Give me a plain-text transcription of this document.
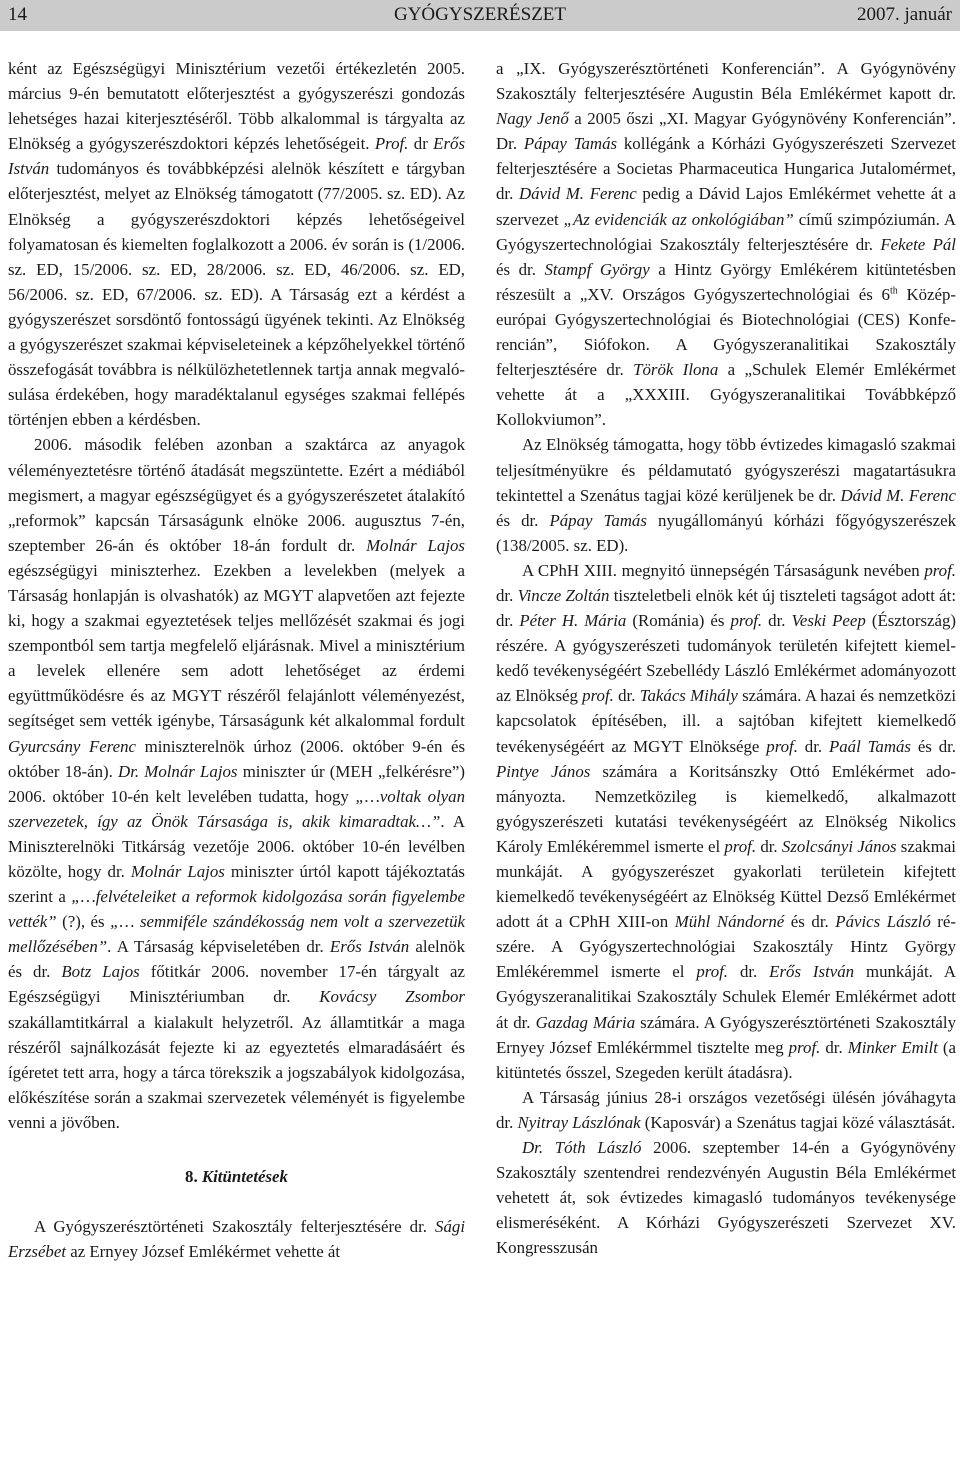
14	GYÓGYSZERÉSZET	2007. január

ként az Egészségügyi Minisztérium vezetői értékezletén 2005. március 9-én bemutatott előterjesztést a gyógyszerészi gondozás lehetséges hazai kiterjesztéséről. Több alkalommal is tárgyalta az Elnökség a gyógyszerészdoktori képzés lehetőségeit. Prof. dr Erős István tudományos és továbbképzési alelnök készített e tárgyban előterjesztést, melyet az Elnökség támogatott (77/2005. sz. ED). Az Elnökség a gyógyszerészdoktori képzés lehetőségeivel folyamatosan és kiemelten foglalkozott a 2006. év során is (1/2006. sz. ED, 15/2006. sz. ED, 28/2006. sz. ED, 46/2006. sz. ED, 56/2006. sz. ED, 67/2006. sz. ED). A Társaság ezt a kérdést a gyógyszerészet sorsdöntő fontosságú ügyének tekinti. Az Elnökség a gyógyszerészet szakmai képviseleteinek a képzőhelyekkel történő összefogását továbbra is nélkülözhetetlennek tartja annak megvalósulása érdekében, hogy maradéktalanul egységes szakmai fellépés történjen ebben a kérdésben.

2006. második felében azonban a szaktárca az anyagok véleményeztetésre történő átadását megszüntette. Ezért a médiából megismert, a magyar egészségügyet és a gyógyszerészetet átalakító „reformok” kapcsán Társaságunk elnöke 2006. augusztus 7-én, szeptember 26-án és október 18-án fordult dr. Molnár Lajos egészségügyi miniszterhez. Ezekben a levelekben (melyek a Társaság honlapján is olvashatók) az MGYT alapvetően azt fejezte ki, hogy a szakmai egyeztetések teljes mellőzését szakmai és jogi szempontból sem tartja megfelelő eljárásnak. Mivel a minisztérium a levelek ellenére sem adott lehetőséget az érdemi együttműködésre és az MGYT részéről felajánlott véleményezést, segítséget sem vették igénybe, Társaságunk két alkalommal fordult Gyurcsány Ferenc miniszterelnök úrhoz (2006. október 9-én és október 18-án). Dr. Molnár Lajos miniszter úr (MEH „felkérésre”) 2006. október 10-én kelt levelében tudatta, hogy „…voltak olyan szervezetek, így az Önök Társasága is, akik kimaradtak…”. A Miniszterelnöki Titkárság vezetője 2006. október 10-én levélben közölte, hogy dr. Molnár Lajos miniszter úrtól kapott tájékoztatás szerint a „…felvételeiket a reformok kidolgozása során figyelembe vették” (?), és „… semmiféle szándékosság nem volt a szervezetük mellőzésében”. A Társaság képviseletében dr. Erős István alelnök és dr. Botz Lajos főtitkár 2006. november 17-én tárgyalt az Egészségügyi Minisztériumban dr. Kovácsy Zsombor szakállamtitkárral a kialakult helyzetről. Az államtitkár a maga részéről sajnálkozását fejezte ki az egyeztetés elmaradásáért és ígéretet tett arra, hogy a tárca törekszik a jogszabályok kidolgozása, előkészítése során a szakmai szervezetek véleményét is figyelembe venni a jövőben.

8. Kitüntetések

A Gyógyszerésztörténeti Szakosztály felterjesztésére dr. Sági Erzsébet az Ernyey József Emlékérmet vehette át

a „IX. Gyógyszerésztörténeti Konferencián”. A Gyógynövény Szakosztály felterjesztésére Augustin Béla Emlékérmet kapott dr. Nagy Jenő a 2005 őszi „XI. Magyar Gyógynövény Konferencián”. Dr. Pápay Tamás kollégánk a Kórházi Gyógyszerészeti Szervezet felterjesztésére a Societas Pharmaceutica Hungarica Jutalomérmet, dr. Dávid M. Ferenc pedig a Dávid Lajos Emlékérmet vehette át a szervezet „Az evidenciák az onkológiában” című szimpóziumán. A Gyógyszertechnológiai Szakosztály felterjesztésére dr. Fekete Pál és dr. Stampf György a Hintz György Emlékérem kitüntetésben részesült a „XV. Országos Gyógyszertechnológiai és 6th Közép-európai Gyógyszertechnológiai és Biotechnológiai (CES) Konferencián”, Siófokon. A Gyógyszeranalitikai Szakosztály felterjesztésére dr. Török Ilona a „Schulek Elemér Emlékérmet vehette át a „XXXIII. Gyógyszeranalitikai Továbbképző Kollokviumon”.

Az Elnökség támogatta, hogy több évtizedes kimagasló szakmai teljesítményükre és példamutató gyógyszerészi magatartásukra tekintettel a Szenátus tagjai közé kerüljenek be dr. Dávid M. Ferenc és dr. Pápay Tamás nyugállományú kórházi főgyógyszerészek (138/2005. sz. ED).

A CPhH XIII. megnyitó ünnepségén Társaságunk nevében prof. dr. Vincze Zoltán tiszteletbeli elnök két új tiszteleti tagságot adott át: dr. Péter H. Mária (Románia) és prof. dr. Veski Peep (Észtország) részére. A gyógyszerészeti tudományok területén kifejtett kiemelkedő tevékenységéért Szebellédy László Emlékérmet adományozott az Elnökség prof. dr. Takács Mihály számára. A hazai és nemzetközi kapcsolatok építésében, ill. a sajtóban kifejtett kiemelkedő tevékenységéért az MGYT Elnöksége prof. dr. Paál Tamás és dr. Pintye János számára a Koritsánszky Ottó Emlékérmet adományozta. Nemzetközileg is kiemelkedő, alkalmazott gyógyszerészeti kutatási tevékenységéért az Elnökség Nikolics Károly Emlékéremmel ismerte el prof. dr. Szolcsányi János szakmai munkáját. A gyógyszerészet gyakorlati területein kifejtett kiemelkedő tevékenységéért az Elnökség Küttel Dezső Emlékérmet adott át a CPhH XIII-on Mühl Nándorné és dr. Pávics László részére. A Gyógyszertechnológiai Szakosztály Hintz György Emlékéremmel ismerte el prof. dr. Erős István munkáját. A Gyógyszeranalitikai Szakosztály Schulek Elemér Emlékérmet adott át dr. Gazdag Mária számára. A Gyógyszerésztörténeti Szakosztály Ernyey József Emlékérmmel tisztelte meg prof. dr. Minker Emilt (a kitüntetés ősszel, Szegeden került átadásra).

A Társaság június 28-i országos vezetőségi ülésén jóváhagyta dr. Nyitray Lászlónak (Kaposvár) a Szenátus tagjai közé választását.

Dr. Tóth László 2006. szeptember 14-én a Gyógynövény Szakosztály szentendrei rendezvényén Augustin Béla Emlékérmet vehetett át, sok évtizedes kimagasló tudományos tevékenysége elismeréséként. A Kórházi Gyógyszerészeti Szervezet XV. Kongresszusán
